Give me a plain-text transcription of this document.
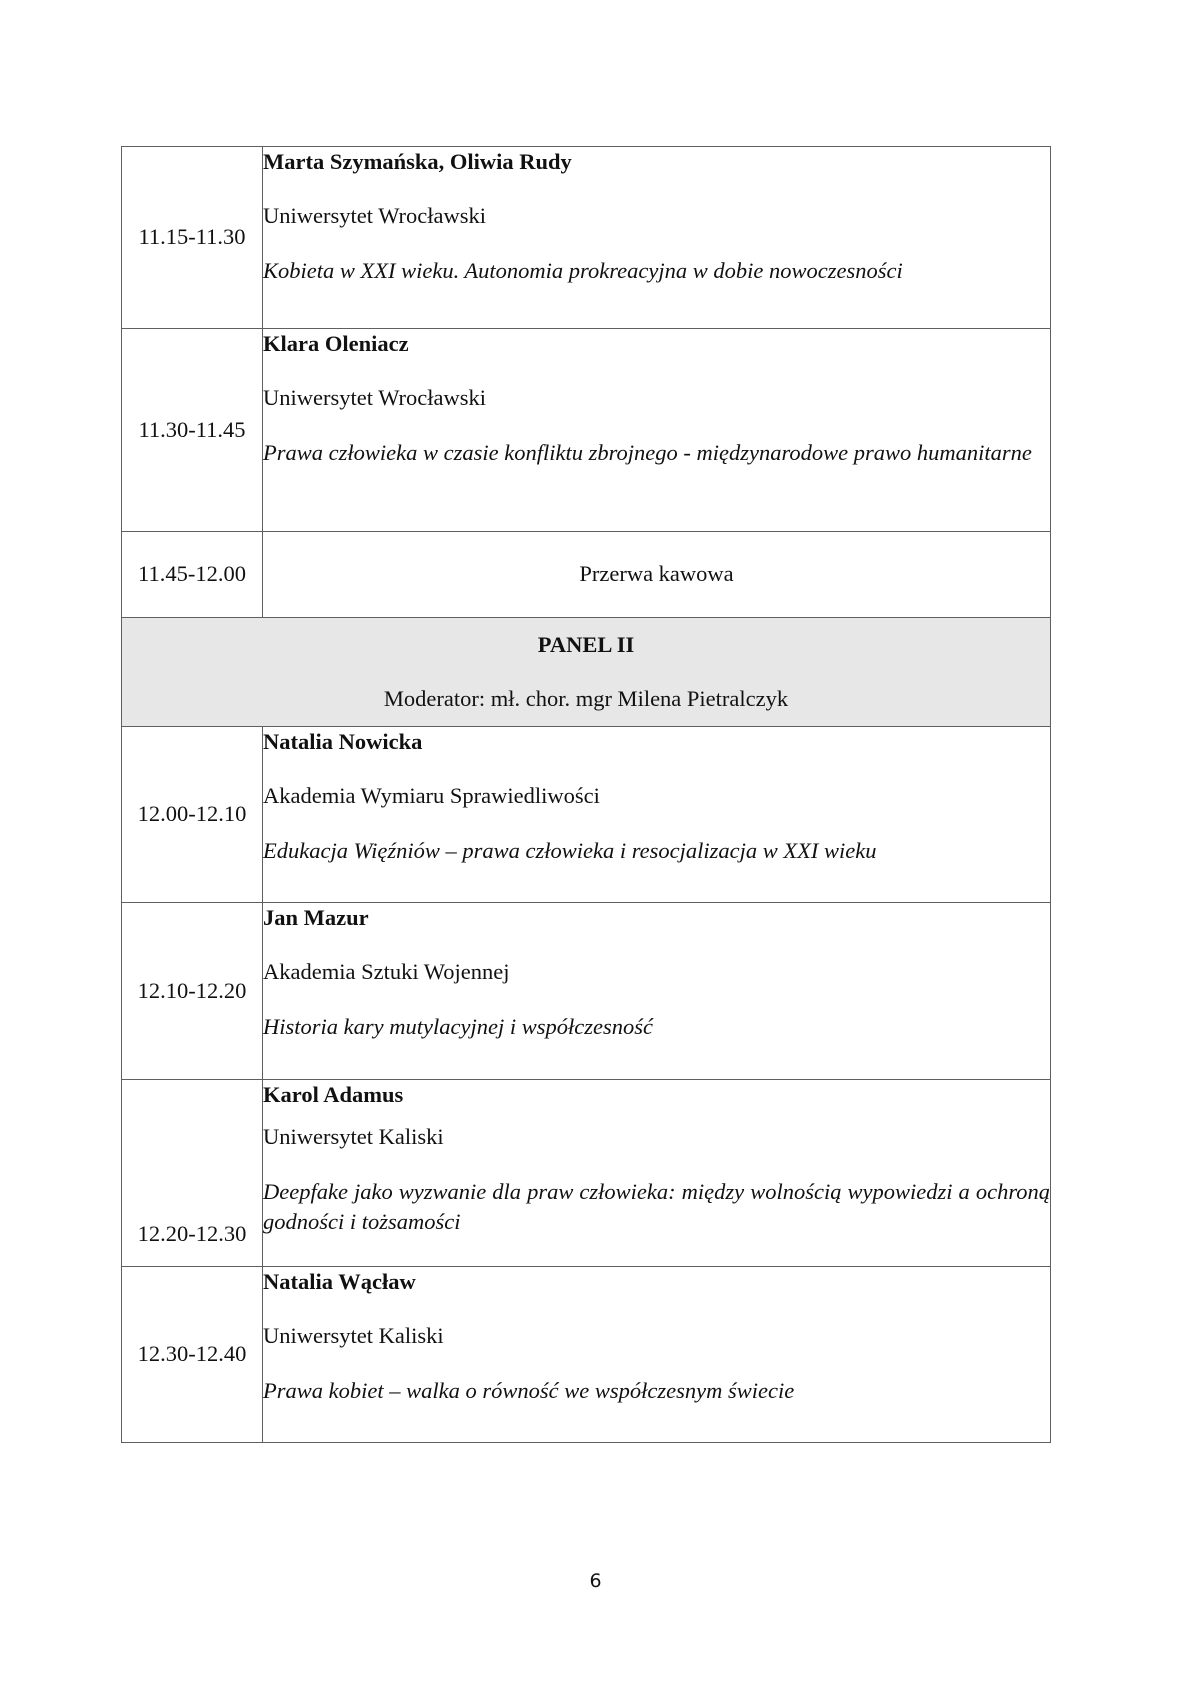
11.15-11.30	Marta Szymańska, Oliwia Rudy

Uniwersytet Wrocławski

Kobieta w XXI wieku. Autonomia prokreacyjna w dobie nowoczesności

11.30-11.45	Klara Oleniacz

Uniwersytet Wrocławski

Prawa człowieka w czasie konfliktu zbrojnego - międzynarodowe prawo humanitarne

11.45-12.00	Przerwa kawowa

PANEL II

Moderator: mł. chor. mgr Milena Pietralczyk	

12.00-12.10	Natalia Nowicka

Akademia Wymiaru Sprawiedliwości

Edukacja Więźniów – prawa człowieka i resocjalizacja w XXI wieku

12.10-12.20	Jan Mazur

Akademia Sztuki Wojennej

Historia kary mutylacyjnej i współczesność

12.20-12.30	Karol Adamus

Uniwersytet Kaliski

Deepfake jako wyzwanie dla praw człowieka: między wolnością wypowiedzi a ochroną godności i tożsamości

12.30-12.40	Natalia Wącław

Uniwersytet Kaliski

Prawa kobiet – walka o równość we współczesnym świecie

6
